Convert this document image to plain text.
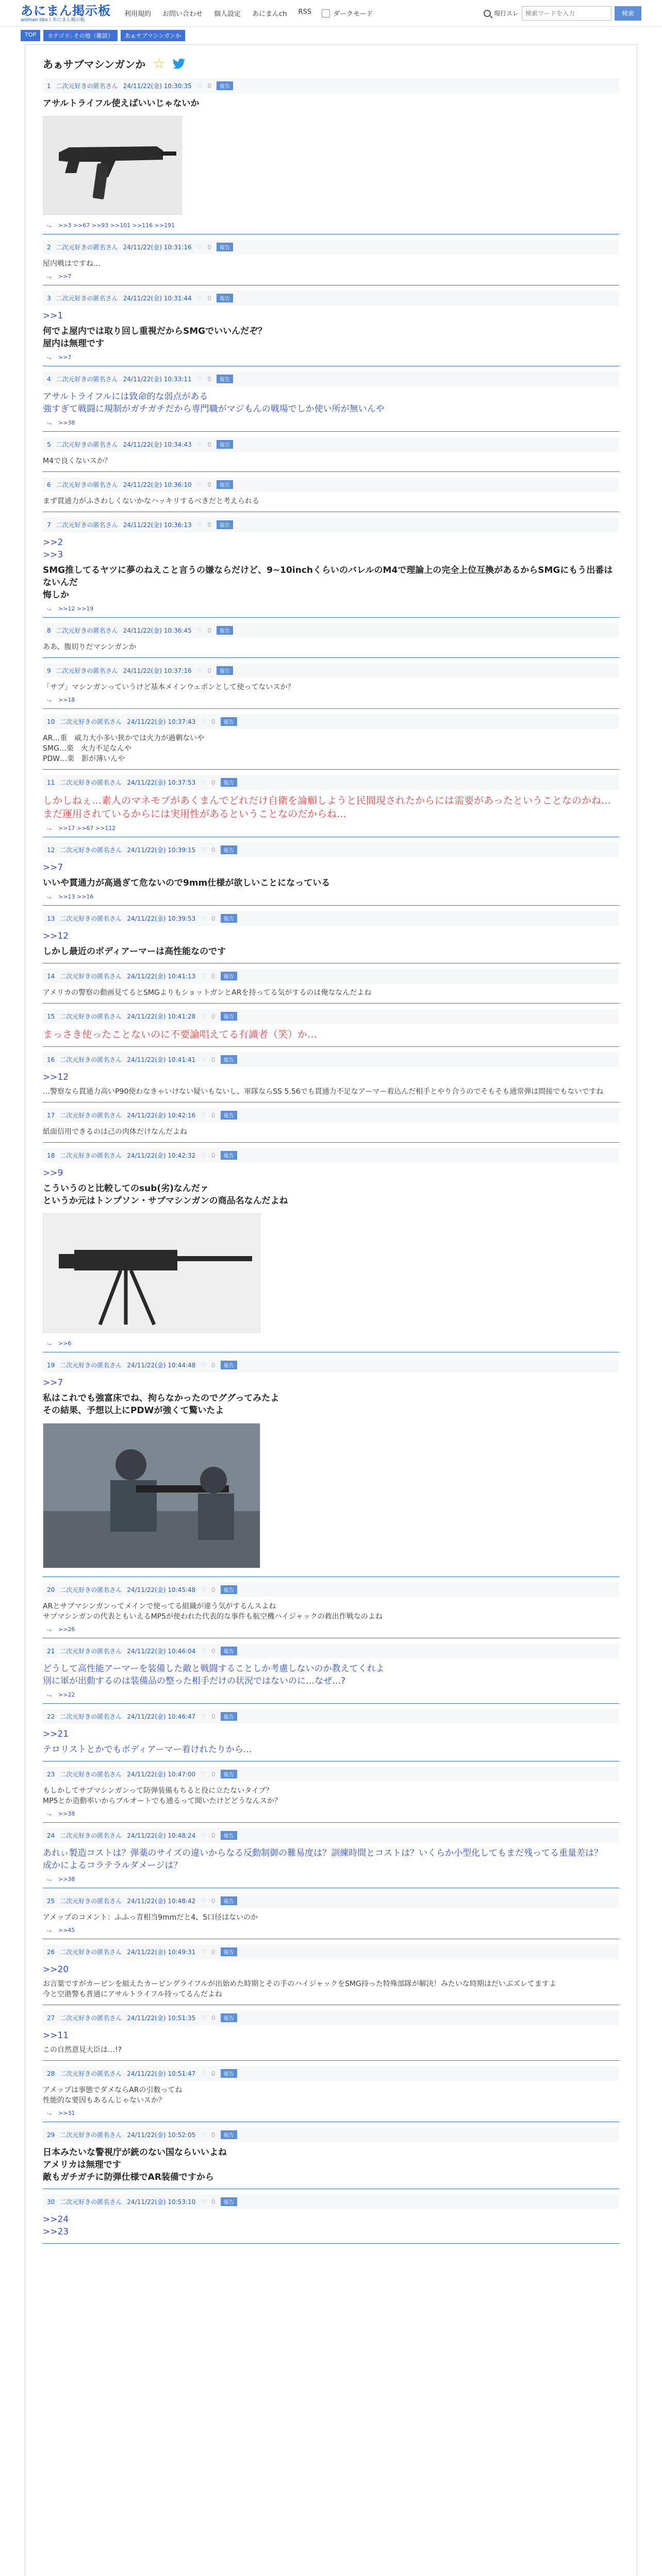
あにまん掲示板
animan bbs / あにまん掲示板
利用規約 お問い合わせ 個人設定 あにまんch RSS	ダークモード	現行スレ
検索ワードを入力	検索
TOP	カテゴリ: その他（雑談）	あぁサブマシンガンか
あぁサブマシンガンか ☆
1 二次元好きの匿名さん 24/11/22(金) 10:30:35 ♡ 0	報告
アサルトライフル使えばいいじゃないか
↪ >>3 >>67 >>93 >>101 >>116 >>191
2 二次元好きの匿名さん 24/11/22(金) 10:31:16 ♡ 0	報告
屋内戦はですね…
↪ >>7
3 二次元好きの匿名さん 24/11/22(金) 10:31:44 ♡ 0	報告
>>1
何でよ屋内では取り回し重視だからSMGでいいんだぞ？
屋内は無理です
↪ >>7
4 二次元好きの匿名さん 24/11/22(金) 10:33:11 ♡ 0	報告
アサルトライフルには致命的な弱点がある
強すぎて戦闘に規制がガチガチだから専門職がマジもんの戦場でしか使い所が無いんや
↪ >>38
5 二次元好きの匿名さん 24/11/22(金) 10:34:43 ♡ 0	報告
M4で良くないスか？
6 二次元好きの匿名さん 24/11/22(金) 10:36:10 ♡ 0	報告
まず貫通力がふさわしくないかなハッキリするべきだと考えられる
7 二次元好きの匿名さん 24/11/22(金) 10:36:13 ♡ 0	報告
>>2
>>3
SMG推してるヤツに夢のねえこと言うの嫌ならだけど、9~10inchくらいのバレルのM4で理論上の完全上位互換があるからSMGにもう出番はないんだ
悔しか
↪ >>12 >>19
8 二次元好きの匿名さん 24/11/22(金) 10:36:45 ♡ 0	報告
ああ、腹切りだマシンガンか
9 二次元好きの匿名さん 24/11/22(金) 10:37:16 ♡ 0	報告
「サブ」マシンガンっていうけど基本メインウェポンとして使ってないスか？
↪ >>18
10 二次元好きの匿名さん 24/11/22(金) 10:37:43 ♡ 0	報告
AR…重　威力大小多い狭かでは火力が過剰ないや
SMG…楽　火力不足なんや
PDW…楽　影が薄いんや
11 二次元好きの匿名さん 24/11/22(金) 10:37:53 ♡ 0	報告
しかしねぇ…素人のマネモブがあくまんでどれだけ自衛を論願しようと民間現されたからには需要があったということなのかね…まだ運用されているからには実用性があるということなのだからね…
↪ >>17 >>67 >>112
12 二次元好きの匿名さん 24/11/22(金) 10:39:15 ♡ 0	報告
>>7
いいや貫通力が高過ぎて危ないので9mm仕様が欲しいことになっている
↪ >>13 >>16
13 二次元好きの匿名さん 24/11/22(金) 10:39:53 ♡ 0	報告
>>12
しかし最近のボディアーマーは高性能なのです
14 二次元好きの匿名さん 24/11/22(金) 10:41:13 ♡ 0	報告
アメリカの警察の動画見てるとSMGよりもショットガンとARを持ってる気がするのは俺ななんだよね
15 二次元好きの匿名さん 24/11/22(金) 10:41:28 ♡ 0	報告
まっさき使ったことないのに不要論唱えてる有識者（笑）か…
16 二次元好きの匿名さん 24/11/22(金) 10:41:41 ♡ 0	報告
>>12
…警察なら貫通力高いP90使わなきゃいけない疑いもないし、軍隊ならSS 5.56でも貫通力不足なアーマー着込んだ相手とやり合うのでそもそも通常弾は間接でもないですね
17 二次元好きの匿名さん 24/11/22(金) 10:42:16 ♡ 0	報告
紙面信用できるのは己の肉体だけなんだよね
18 二次元好きの匿名さん 24/11/22(金) 10:42:32 ♡ 0	報告
>>9
こういうのと比較してのsub(劣)なんだァ
というか元はトンプソン・サブマシンガンの商品名なんだよね
↪ >>6
19 二次元好きの匿名さん 24/11/22(金) 10:44:48 ♡ 0	報告
>>7
私はこれでも強富床でね、拘らなかったのでググってみたよ
その結果、予想以上にPDWが強くて驚いたよ
20 二次元好きの匿名さん 24/11/22(金) 10:45:48 ♡ 0	報告
ARとサブマシンガンってメインで使ってる組織が違う気がするんスよね
サブマシンガンの代表ともいえるMP5が使われた代表的な事件も航空機ハイジャックの救出作戦なのよね
↪ >>26
21 二次元好きの匿名さん 24/11/22(金) 10:46:04 ♡ 0	報告
どうして高性能アーマーを装備した敵と戦闘することしか考慮しないのか教えてくれよ
別に軍が出動するのは装備品の整った相手だけの状況ではないのに…なぜ…?
↪ >>22
22 二次元好きの匿名さん 24/11/22(金) 10:46:47 ♡ 0	報告
>>21
テロリストとかでもボディアーマー着けれたりから…
23 二次元好きの匿名さん 24/11/22(金) 10:47:00 ♡ 0	報告
もしかしてサブマシンガンって防弾装備もちると役に立たないタイプ？
MP5とか造動率いからブルオートでも通るって聞いたけどどうなんスか？
↪ >>38
24 二次元好きの匿名さん 24/11/22(金) 10:48:24 ♡ 0	報告
あれぃ製造コストは？弾薬のサイズの違いからなる反動制御の難易度は？訓練時間とコストは？いくらか小型化してもまだ残ってる重量差は？
成かによるコラテラルダメージは？
↪ >>38
25 二次元好きの匿名さん 24/11/22(金) 10:48:42 ♡ 0	報告
アメップのコメント：ふふっ青相当9mmだと4、5口径はないのか
↪ >>45
26 二次元好きの匿名さん 24/11/22(金) 10:49:31 ♡ 0	報告
>>20
お言葉ですがカービンを組えたカービングライフルが出始めた時期とその手のハイジャックをSMG持った特殊部隊が解決！みたいな時期はだいぶズレてますよ
今と空港警も普通にアサルトライフル持ってるんだよね
27 二次元好きの匿名さん 24/11/22(金) 10:51:35 ♡ 0	報告
>>11
この自然意見大臣は…!?
28 二次元好きの匿名さん 24/11/22(金) 10:51:47 ♡ 0	報告
アメップは事態でダメならARの引数ってね
性能的な要因もあるんじゃないスか？
↪ >>31
29 二次元好きの匿名さん 24/11/22(金) 10:52:05 ♡ 0	報告
日本みたいな警視庁が銃のない国ならいいよね
アメリカは無理です
敵もガチガチに防弾仕様でAR装備ですから
30 二次元好きの匿名さん 24/11/22(金) 10:53:10 ♡ 0	報告
>>24
>>23
